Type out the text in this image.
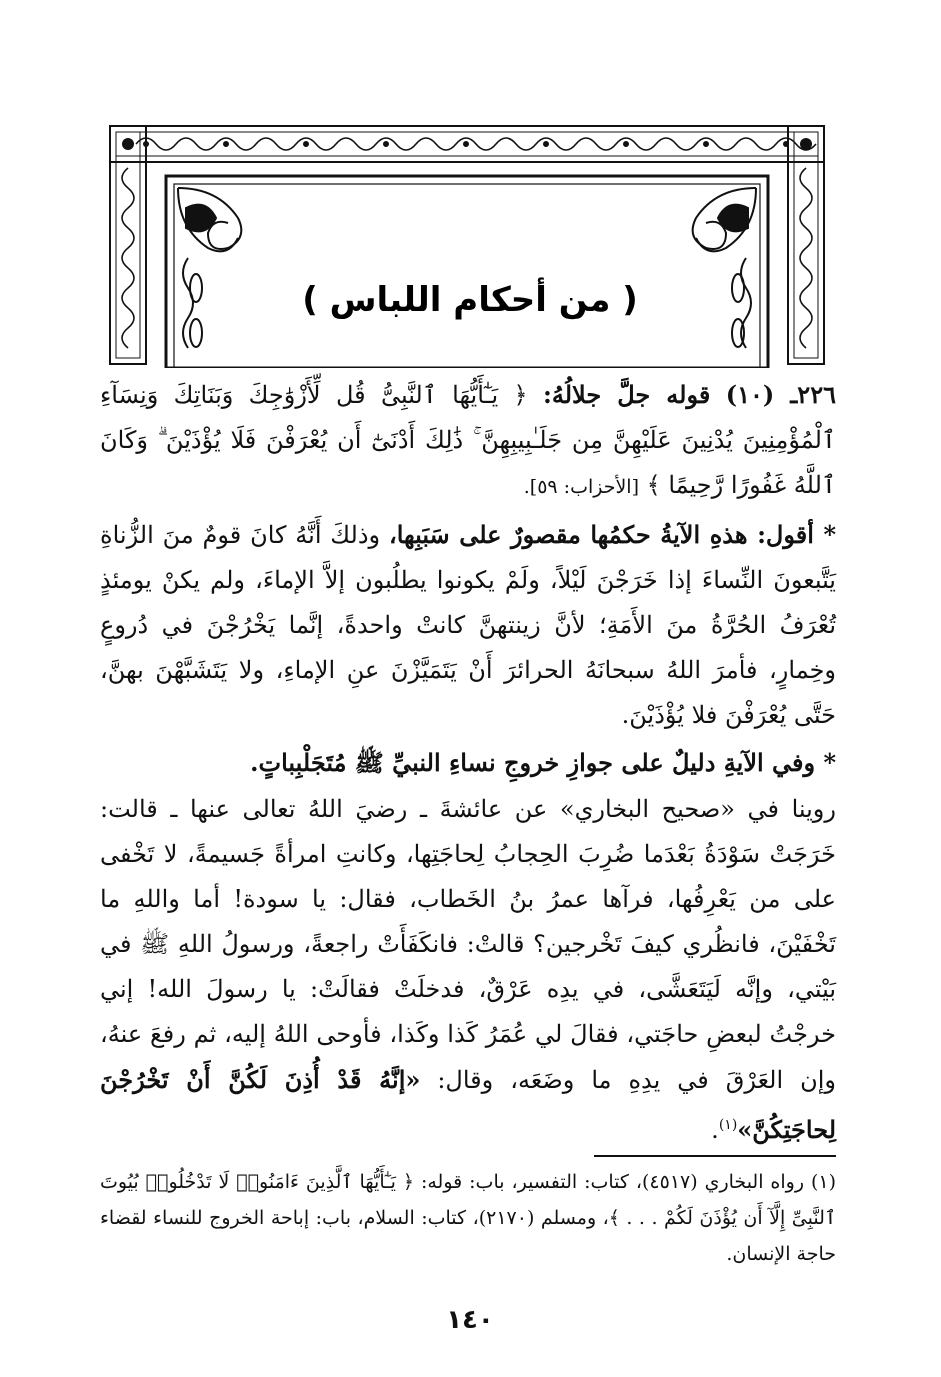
( من أحكام اللباس )

٢٢٦ـ (١٠) قوله جلَّ جلالُهُ: ﴿ يَـٰٓأَيُّهَا ٱلنَّبِىُّ قُل لِّأَزْوَٰجِكَ وَبَنَاتِكَ وَنِسَآءِ ٱلْمُؤْمِنِينَ يُدْنِينَ عَلَيْهِنَّ مِن جَلَـٰبِيبِهِنَّ ۚ ذَٰلِكَ أَدْنَىٰٓ أَن يُعْرَفْنَ فَلَا يُؤْذَيْنَ ۗ وَكَانَ ٱللَّهُ غَفُورًا رَّحِيمًا ﴾ [الأحزاب: ٥٩].

* أقول: هذهِ الآيةُ حكمُها مقصورٌ على سَبَبِها، وذلكَ أَنَّهُ كانَ قومٌ منَ الزُّناةِ يَتَّبعونَ النِّساءَ إذا خَرَجْنَ لَيْلاً، ولَمْ يكونوا يطلُبون إلاَّ الإماءَ، ولم يكنْ يومئذٍ تُعْرَفُ الحُرَّةُ منَ الأَمَةِ؛ لأنَّ زينتهنَّ كانتْ واحدةً، إنَّما يَخْرُجْنَ في دُروعٍ وخِمارٍ، فأمرَ اللهُ سبحانَهُ الحرائرَ أَنْ يَتَمَيَّزْنَ عنِ الإماءِ، ولا يَتَشَبَّهْنَ بهنَّ، حَتَّى يُعْرَفْنَ فلا يُؤْذَيْنَ.

* وفي الآيةِ دليلٌ على جوازِ خروجِ نساءِ النبيِّ ﷺ مُتَجَلْبِباتٍ.

روينا في «صحيح البخاري» عن عائشةَ ـ رضيَ اللهُ تعالى عنها ـ قالت: خَرَجَتْ سَوْدَةُ بَعْدَما ضُرِبَ الحِجابُ لِحاجَتِها، وكانتِ امرأةً جَسيمةً، لا تَخْفى على من يَعْرِفُها، فرآها عمرُ بنُ الخَطاب، فقال: يا سودة! أما واللهِ ما تَخْفَيْنَ، فانظُري كيفَ تَخْرجين؟ قالتْ: فانكَفَأَتْ راجعةً، ورسولُ اللهِ ﷺ في بَيْتي، وإنَّه لَيَتَعَشَّى، في يدِه عَرْقٌ، فدخلَتْ فقالَتْ: يا رسولَ الله! إني خرجْتُ لبعضِ حاجَتي، فقالَ لي عُمَرُ كَذا وكَذا، فأوحى اللهُ إليه، ثم رفعَ عنهُ، وإن العَرْقَ في يدِهِ ما وضَعَه، وقال: «إنَّهُ قَدْ أُذِنَ لَكُنَّ أَنْ تَخْرُجْنَ لِحاجَتِكُنَّ»$^{(١)}$.

(١) رواه البخاري (٤٥١٧)، كتاب: التفسير، باب: قوله: ﴿ يَـٰٓأَيُّهَا ٱلَّذِينَ ءَامَنُوا۟ لَا تَدْخُلُوا۟ بُيُوتَ ٱلنَّبِىِّ إِلَّآ أَن يُؤْذَنَ لَكُمْ . . . ﴾، ومسلم (٢١٧٠)، كتاب: السلام، باب: إباحة الخروج للنساء لقضاء حاجة الإنسان.

١٤٠
